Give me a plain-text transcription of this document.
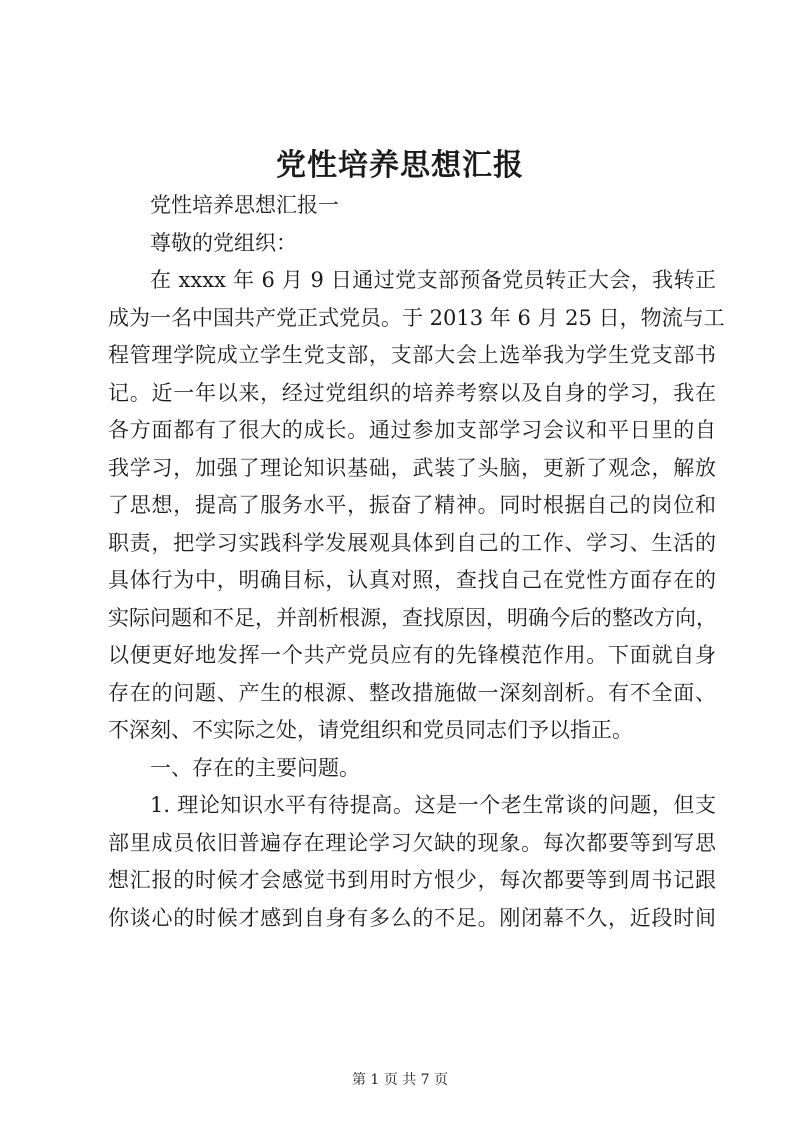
党性培养思想汇报

党性培养思想汇报一

尊敬的党组织：

在 xxxx 年 6 月 9 日通过党支部预备党员转正大会，我转正

成为一名中国共产党正式党员。于 2013 年 6 月 25 日，物流与工

程管理学院成立学生党支部，支部大会上选举我为学生党支部书

记。近一年以来，经过党组织的培养考察以及自身的学习，我在

各方面都有了很大的成长。通过参加支部学习会议和平日里的自

我学习，加强了理论知识基础，武装了头脑，更新了观念，解放

了思想，提高了服务水平，振奋了精神。同时根据自己的岗位和

职责，把学习实践科学发展观具体到自己的工作、学习、生活的

具体行为中，明确目标，认真对照，查找自己在党性方面存在的

实际问题和不足，并剖析根源，查找原因，明确今后的整改方向，

以便更好地发挥一个共产党员应有的先锋模范作用。下面就自身

存在的问题、产生的根源、整改措施做一深刻剖析。有不全面、

不深刻、不实际之处，请党组织和党员同志们予以指正。

一、存在的主要问题。

1. 理论知识水平有待提高。这是一个老生常谈的问题，但支

部里成员依旧普遍存在理论学习欠缺的现象。每次都要等到写思

想汇报的时候才会感觉书到用时方恨少，每次都要等到周书记跟

你谈心的时候才感到自身有多么的不足。刚闭幕不久，近段时间

第 1 页 共 7 页
